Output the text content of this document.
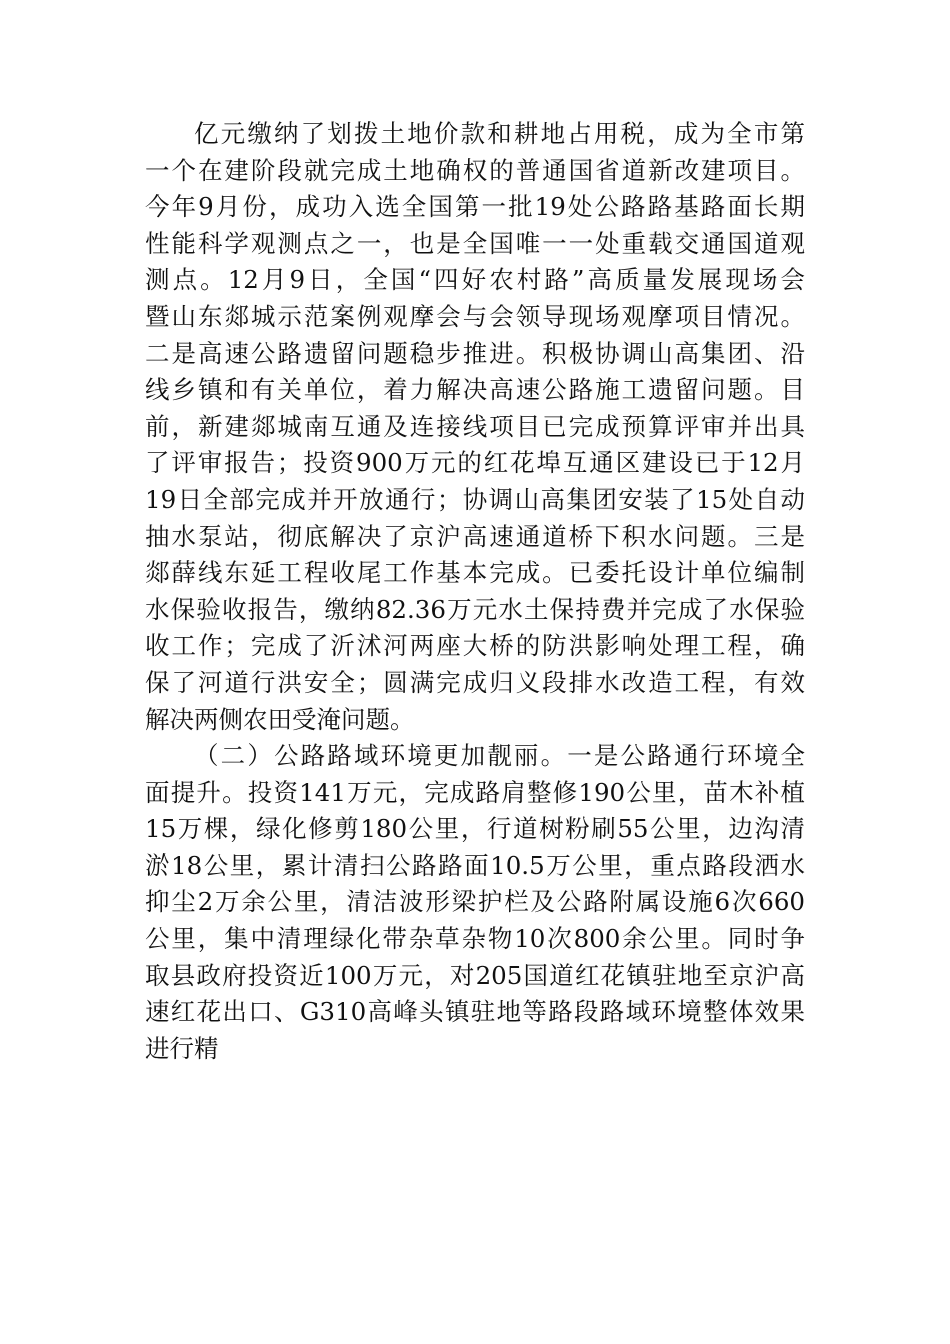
亿元缴纳了划拨土地价款和耕地占用税，成为全市第
一个在建阶段就完成土地确权的普通国省道新改建项目。
今年9月份，成功入选全国第一批19处公路路基路面长期
性能科学观测点之一，也是全国唯一一处重载交通国道观
测点。12月9日，全国“四好农村路”高质量发展现场会
暨山东郯城示范案例观摩会与会领导现场观摩项目情况。
二是高速公路遗留问题稳步推进。积极协调山高集团、沿
线乡镇和有关单位，着力解决高速公路施工遗留问题。目
前，新建郯城南互通及连接线项目已完成预算评审并出具
了评审报告；投资900万元的红花埠互通区建设已于12月
19日全部完成并开放通行；协调山高集团安装了15处自动
抽水泵站，彻底解决了京沪高速通道桥下积水问题。三是
郯薛线东延工程收尾工作基本完成。已委托设计单位编制
水保验收报告，缴纳82.36万元水土保持费并完成了水保验
收工作；完成了沂沭河两座大桥的防洪影响处理工程，确
保了河道行洪安全；圆满完成归义段排水改造工程，有效
解决两侧农田受淹问题。
（二）公路路域环境更加靓丽。一是公路通行环境全
面提升。投资141万元，完成路肩整修190公里，苗木补植
15万棵，绿化修剪180公里，行道树粉刷55公里，边沟清
淤18公里，累计清扫公路路面10.5万公里，重点路段洒水
抑尘2万余公里，清洁波形梁护栏及公路附属设施6次660
公里，集中清理绿化带杂草杂物10次800余公里。同时争
取县政府投资近100万元，对205国道红花镇驻地至京沪高
速红花出口、G310高峰头镇驻地等路段路域环境整体效果
进行精
